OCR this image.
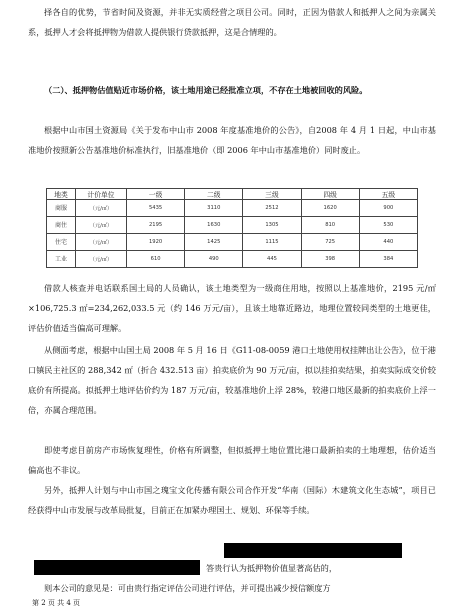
择各自的优势，节省时间及资源，并非无实质经营之项目公司。同时，正因为借款人和抵押人之间为亲属关系，抵押人才会将抵押物为借款人提供银行贷款抵押，这是合情理的。

（二）、抵押物估值贴近市场价格，该土地用途已经批准立项，不存在土地被回收的风险。

根据中山市国土资源局《关于发布中山市 2008 年度基准地价的公告》，自2008 年 4 月 1 日起，中山市基准地价按照新公告基准地价标准执行，旧基准地价（即 2006 年中山市基准地价）同时废止。

地类	计价单位	一级	二级	三级	四级	五级
商服	（元/㎡）	5435	3110	2512	1620	900
商住	（元/㎡）	2195	1630	1305	810	530
住宅	（元/㎡）	1920	1425	1115	725	440
工业	（元/㎡）	610	490	445	398	384

借款人核查并电话联系国土局的人员确认，该土地类型为一级商住用地，按照以上基准地价，2195 元/㎡×106,725.3 ㎡=234,262,033.5 元（约 146 万元/亩），且该土地靠近路边，地理位置较同类型的土地更佳，评估价值适当偏高可理解。

从侧面考虑，根据中山国土局 2008 年 5 月 16 日《G11-08-0059 港口土地使用权挂牌出让公告》，位于港口镇民主社区的 288,342 ㎡（折合 432.513 亩）拍卖底价为 90 万元/亩，拟以挂拍卖结果，拍卖实际成交价较底价有所提高。拟抵押土地评估价约为 187 万元/亩，较基准地价上浮 28%，较港口地区最新的拍卖底价上浮一倍，亦属合理范围。

即使考虑目前房产市场恢复理性，价格有所调整，但拟抵押土地位置比港口最新拍卖的土地理想，估价适当偏高也不非议。

另外，抵押人计划与中山市国之瑰宝文化传播有限公司合作开发“华南（国际）木建筑文化生态城”，项目已经获得中山市发展与改革局批复，目前正在加紧办理国土、规划、环保等手续。

答贵行认为抵押物价值显著高估的，

则本公司的意见是：可由贵行指定评估公司进行评估，并可提出减少授信额度方

第 2 页 共 4 页
